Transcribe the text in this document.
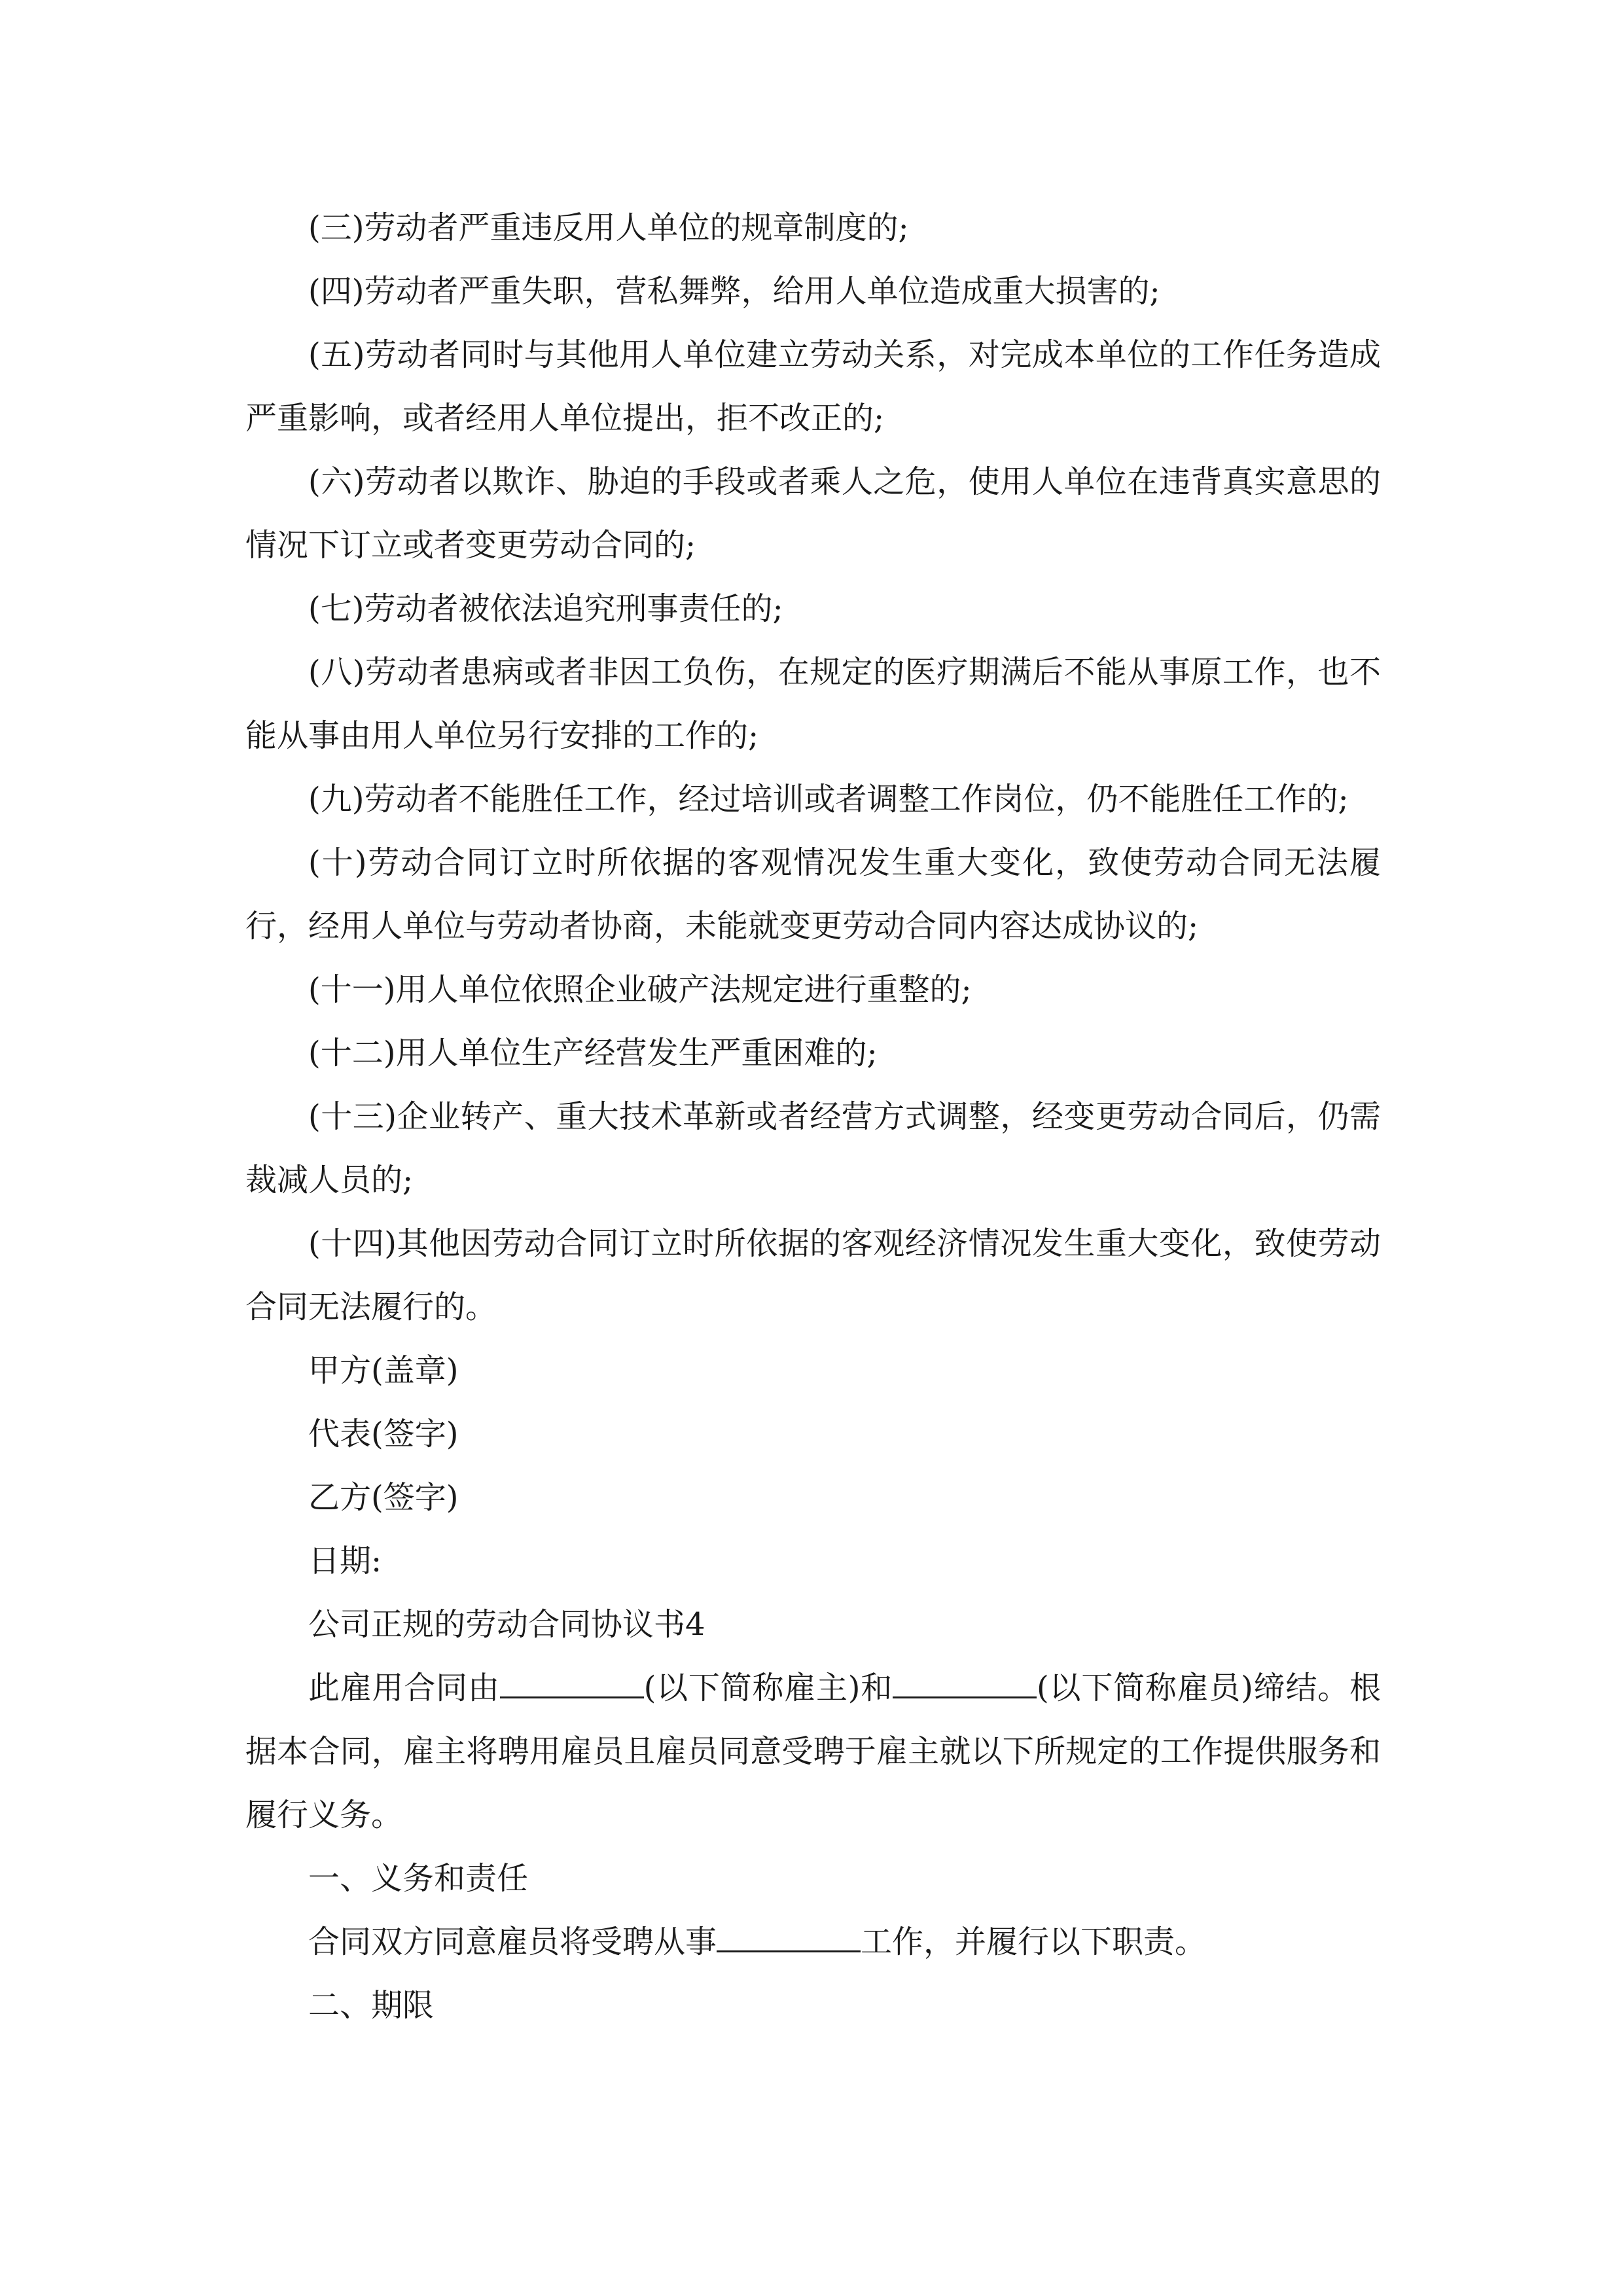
(三)劳动者严重违反用人单位的规章制度的;

(四)劳动者严重失职，营私舞弊，给用人单位造成重大损害的;

(五)劳动者同时与其他用人单位建立劳动关系，对完成本单位的工作任务造成严重影响，或者经用人单位提出，拒不改正的;

(六)劳动者以欺诈、胁迫的手段或者乘人之危，使用人单位在违背真实意思的情况下订立或者变更劳动合同的;

(七)劳动者被依法追究刑事责任的;

(八)劳动者患病或者非因工负伤，在规定的医疗期满后不能从事原工作，也不能从事由用人单位另行安排的工作的;

(九)劳动者不能胜任工作，经过培训或者调整工作岗位，仍不能胜任工作的;

(十)劳动合同订立时所依据的客观情况发生重大变化，致使劳动合同无法履行，经用人单位与劳动者协商，未能就变更劳动合同内容达成协议的;

(十一)用人单位依照企业破产法规定进行重整的;

(十二)用人单位生产经营发生严重困难的;

(十三)企业转产、重大技术革新或者经营方式调整，经变更劳动合同后，仍需裁减人员的;

(十四)其他因劳动合同订立时所依据的客观经济情况发生重大变化，致使劳动合同无法履行的。

甲方(盖章)

代表(签字)

乙方(签字)

日期:

公司正规的劳动合同协议书4

此雇用合同由	(以下简称雇主)和	(以下简称雇员)缔结。根据本合同，雇主将聘用雇员且雇员同意受聘于雇主就以下所规定的工作提供服务和履行义务。

一、义务和责任

合同双方同意雇员将受聘从事	工作，并履行以下职责。

二、期限
